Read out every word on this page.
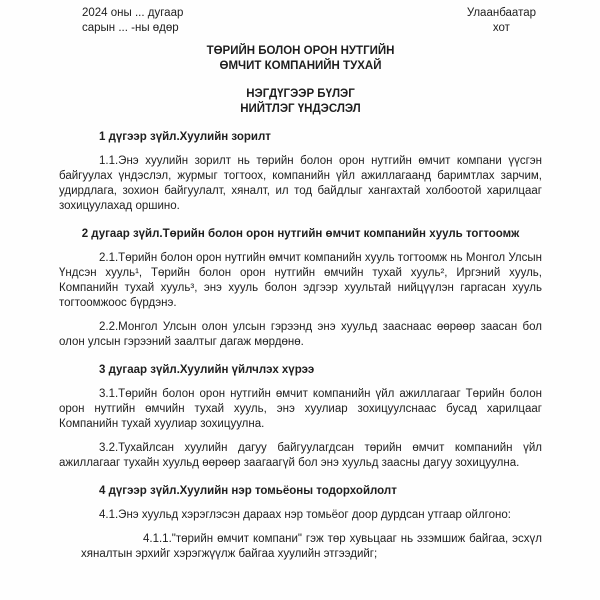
2024 оны ... дугаар
сарын ... -ны өдөр
Улаанбаатар
хот
ТӨРИЙН БОЛОН ОРОН НУТГИЙН
ӨМЧИТ КОМПАНИЙН ТУХАЙ
НЭГДҮГЭЭР БҮЛЭГ
НИЙТЛЭГ ҮНДЭСЛЭЛ
1 дүгээр зүйл.Хуулийн зорилт

1.1.Энэ хуулийн зорилт нь төрийн болон орон нутгийн өмчит компани үүсгэн байгуулах үндэслэл, журмыг тогтоох, компанийн үйл ажиллагаанд баримтлах зарчим, удирдлага, зохион байгуулалт, хяналт, ил тод байдлыг хангахтай холбоотой харилцааг зохицуулахад оршино.

2 дугаар зүйл.Төрийн болон орон нутгийн өмчит компанийн хууль тогтоомж

2.1.Төрийн болон орон нутгийн өмчит компанийн хууль тогтоомж нь Монгол Улсын Үндсэн хууль¹, Төрийн болон орон нутгийн өмчийн тухай хууль², Иргэний хууль, Компанийн тухай хууль³, энэ хууль болон эдгээр хуультай нийцүүлэн гаргасан хууль тогтоомжоос бүрдэнэ.

2.2.Монгол Улсын олон улсын гэрээнд энэ хуульд зааснаас өөрөөр заасан бол олон улсын гэрээний заалтыг дагаж мөрдөнө.

3 дугаар зүйл.Хуулийн үйлчлэх хүрээ

3.1.Төрийн болон орон нутгийн өмчит компанийн үйл ажиллагааг Төрийн болон орон нутгийн өмчийн тухай хууль, энэ хуулиар зохицуулснаас бусад харилцааг Компанийн тухай хуулиар зохицуулна.

3.2.Тухайлсан хуулийн дагуу байгуулагдсан төрийн өмчит компанийн үйл ажиллагааг тухайн хуульд өөрөөр заагаагүй бол энэ хуульд заасны дагуу зохицуулна.

4 дүгээр зүйл.Хуулийн нэр томьёоны тодорхойлолт

4.1.Энэ хуульд хэрэглэсэн дараах нэр томьёог доор дурдсан утгаар ойлгоно:

4.1.1."төрийн өмчит компани" гэж төр хувьцааг нь эзэмшиж байгаа, эсхүл хяналтын эрхийг хэрэгжүүлж байгаа хуулийн этгээдийг;
